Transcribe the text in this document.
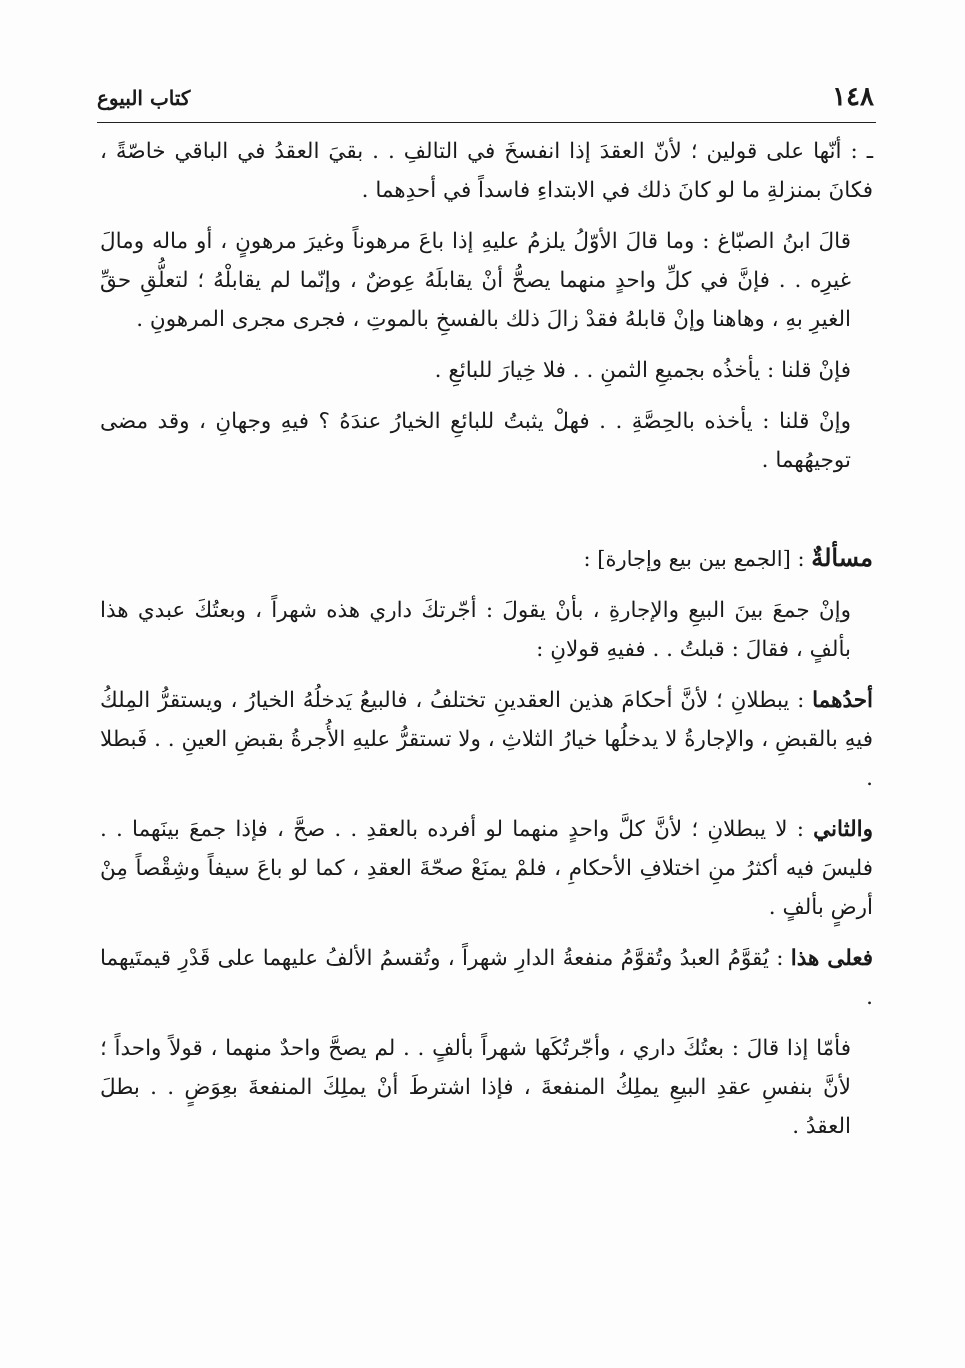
١٤٨
كتاب البيوع

ـ : أنّها على قولين ؛ لأنّ العقدَ إذا انفسخَ في التالفِ . . بقيَ العقدُ في الباقي خاصّةً ، فكانَ بمنزلةِ ما لو كانَ ذلك في الابتداءِ فاسداً في أحدِهما .

قالَ ابنُ الصبّاغ : وما قالَ الأوّلُ يلزمُ عليهِ إذا باعَ مرهوناً وغيرَ مرهونٍ ، أو ماله ومالَ غيرِه . . فإنَّ في كلِّ واحدٍ منهما يصحُّ أنْ يقابلَهُ عِوضٌ ، وإنّما لم يقابلْهُ ؛ لتعلُّقِ حقِّ الغيرِ بهِ ، وهاهنا وإنْ قابلهُ فقدْ زالَ ذلك بالفسخِ بالموتِ ، فجرى مجرى المرهونِ .

فإنْ قلنا : يأخذُه بجميعِ الثمنِ . . فلا خِيارَ للبائعِ .

وإنْ قلنا : يأخذه بالحِصَّةِ . . فهلْ يثبتُ للبائعِ الخيارُ عندَهُ ؟ فيهِ وجهانِ ، وقد مضى توجيهُهما .

مسألةٌ : [الجمع بين بيع وإجارة] :

وإنْ جمعَ بينَ البيعِ والإجارةِ ، بأنْ يقولَ : أجّرتكَ داري هذه شهراً ، وبعتُكَ عبدي هذا بألفٍ ، فقالَ : قبلتُ . . ففيهِ قولانِ :

أحدُهما : يبطلانِ ؛ لأنَّ أحكامَ هذين العقدينِ تختلفُ ، فالبيعُ يَدخلُهُ الخيارُ ، ويستقرُّ المِلكُ فيهِ بالقبضِ ، والإجارةُ لا يدخلُها خيارُ الثلاثِ ، ولا تستقرُّ عليهِ الأُجرةُ بقبضِ العينِ . . فَبطلا .

والثاني : لا يبطلانِ ؛ لأنَّ كلَّ واحدٍ منهما لو أفرده بالعقدِ . . صحَّ ، فإذا جمعَ بينَهما . . فليسَ فيه أكثرُ منِ اختلافِ الأحكامِ ، فلمْ يمنَعْ صحّةَ العقدِ ، كما لو باعَ سيفاً وشِقْصاً مِنْ أرضٍ بألفٍ .

فعلى هذا : يُقوَّمُ العبدُ وتُقوَّمُ منفعةُ الدارِ شهراً ، وتُقسمُ الألفُ عليهما على قَدْرِ قيمتَيهما .

فأمّا إذا قالَ : بعتُكَ داري ، وأجّرتُكَها شهراً بألفٍ . . لم يصحَّ واحدٌ منهما ، قولاً واحداً ؛ لأنَّ بنفسِ عقدِ البيعِ يملِكُ المنفعةَ ، فإذا اشترطَ أنْ يملِكَ المنفعةَ بعِوَضٍ . . بطلَ العقدُ .
